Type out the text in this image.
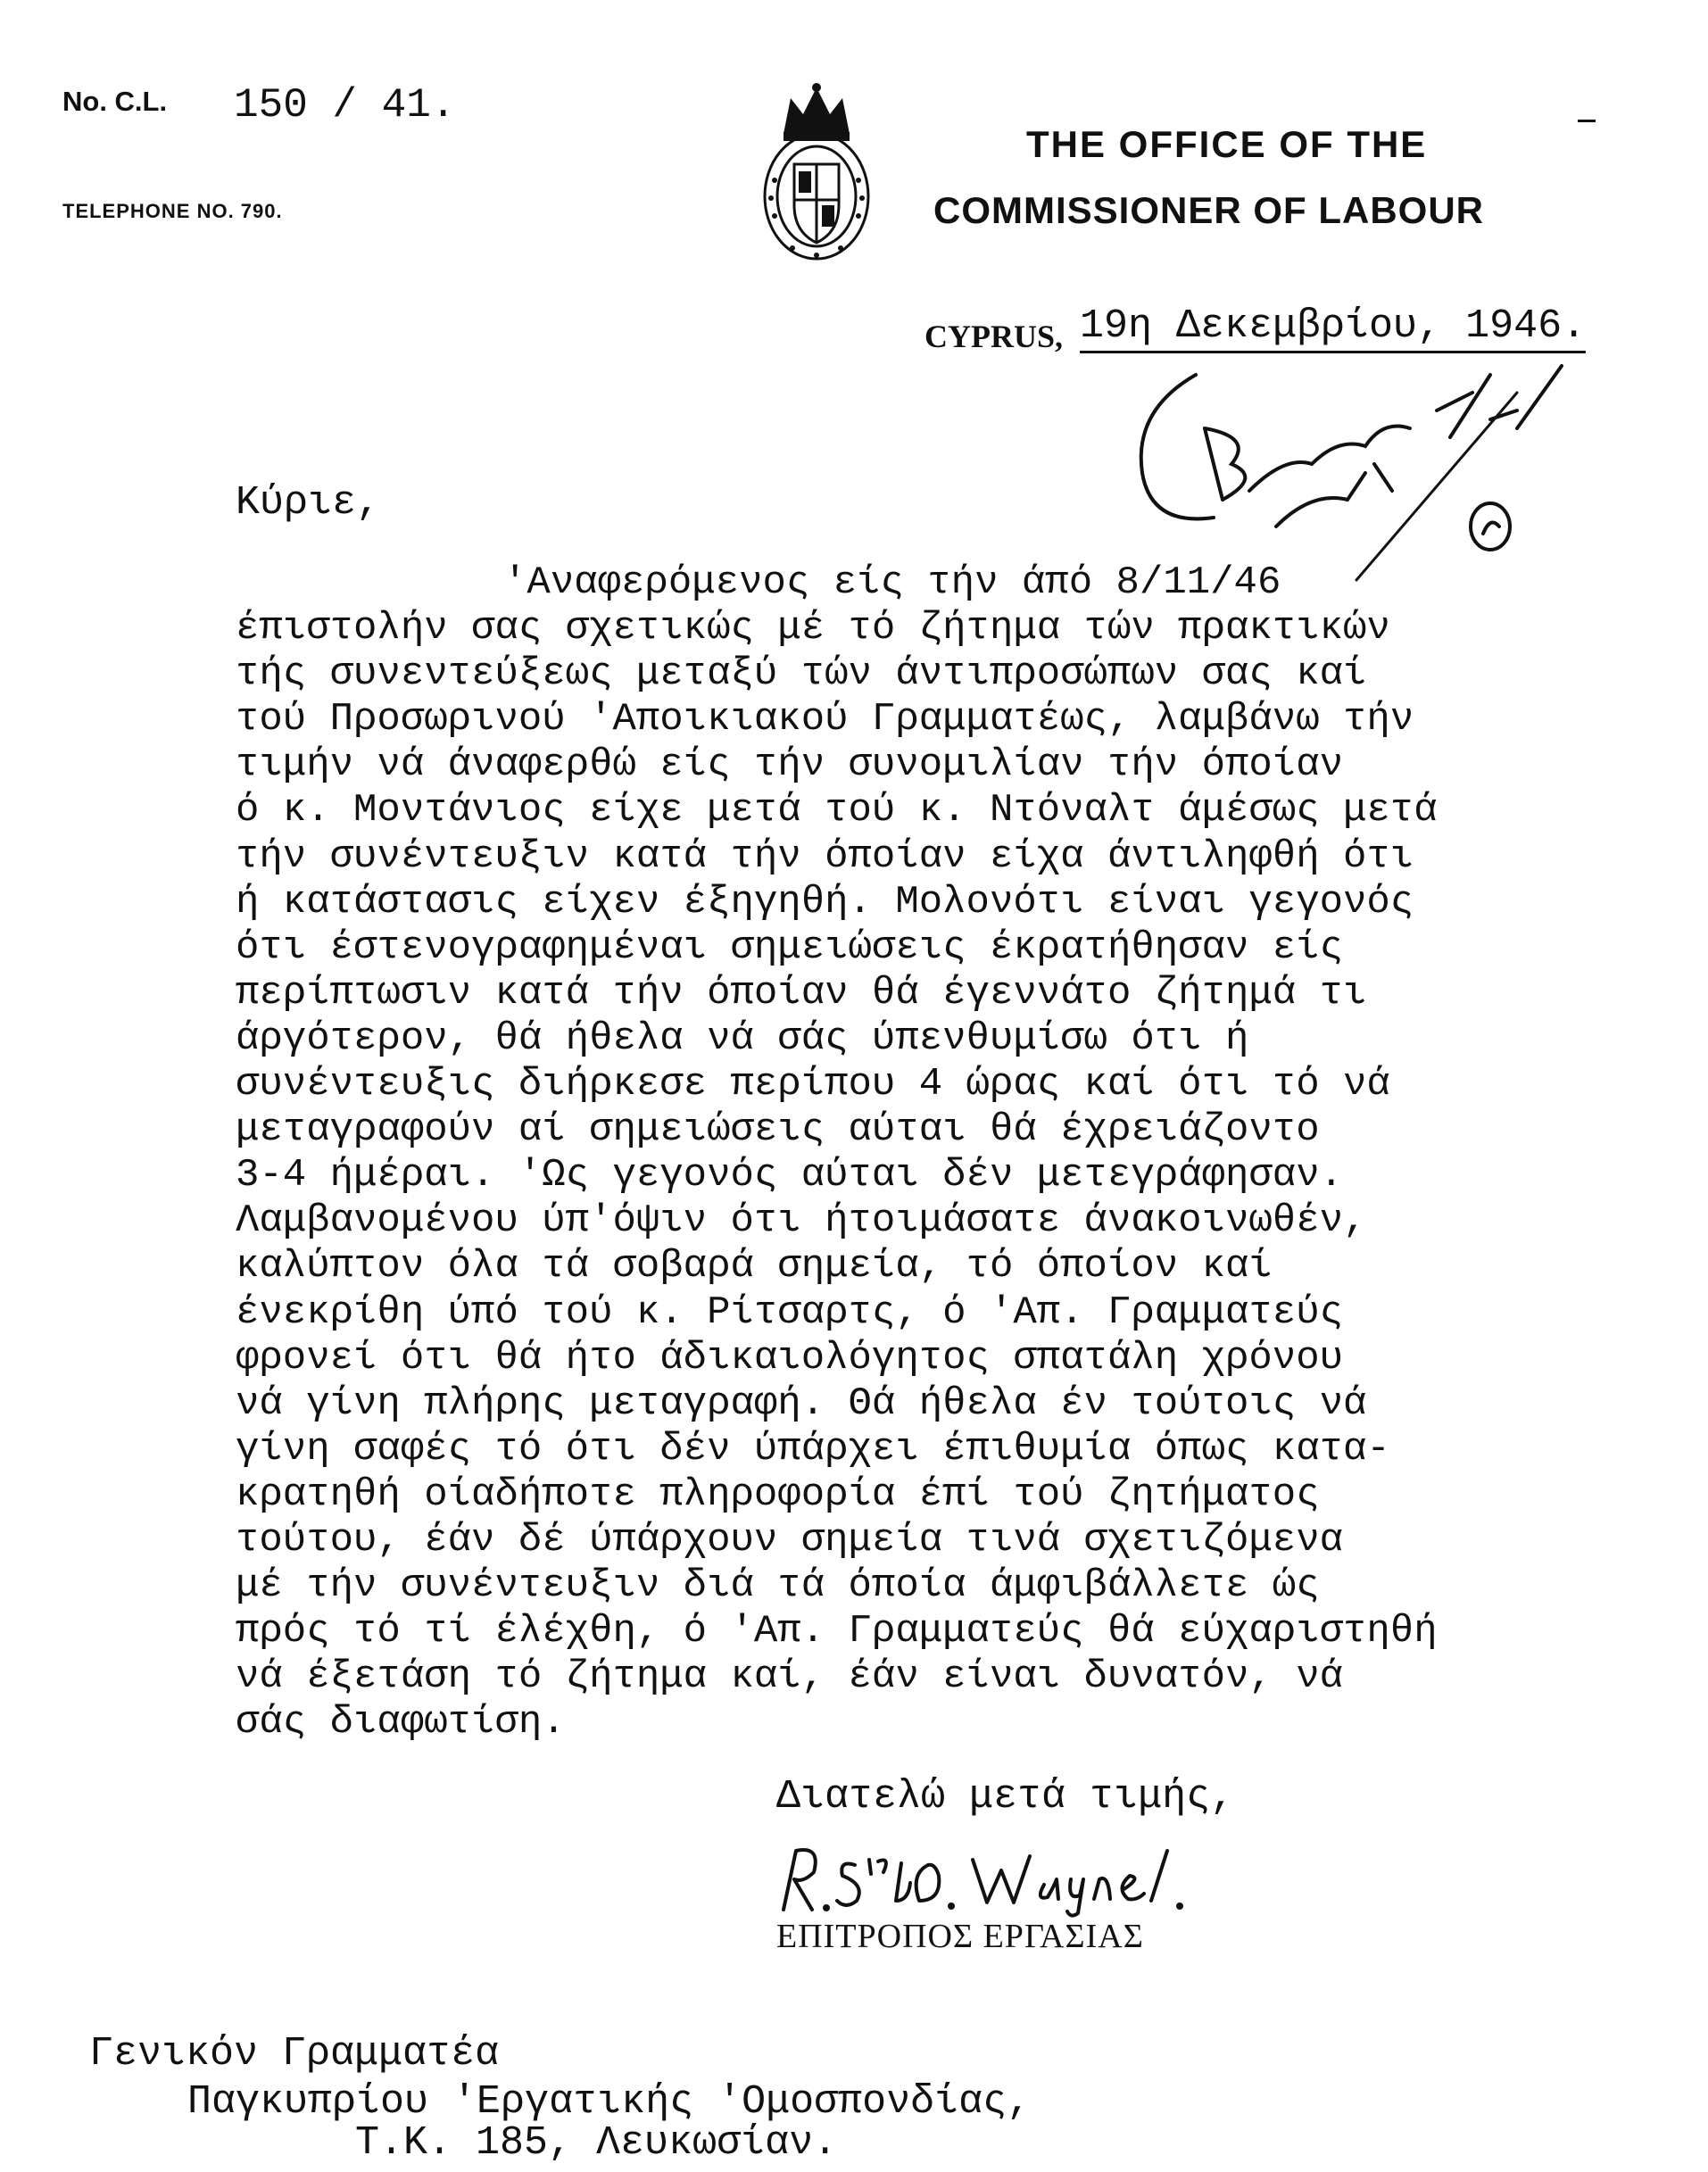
No. C.L. 150 / 41.
TELEPHONE NO. 790.
THE OFFICE OF THE
COMMISSIONER OF LABOUR
CYPRUS, 19η Δεκεμβρίου, 1946.
Κύριε,
'Αναφερόμενος είς τήν άπό 8/11/46
έπιστολήν σας σχετικώς μέ τό ζήτημα τών πρακτικών
τής συνεντεύξεως μεταξύ τών άντιπροσώπων σας καί
τού Προσωρινού 'Αποικιακού Γραμματέως, λαμβάνω τήν
τιμήν νά άναφερθώ είς τήν συνομιλίαν τήν όποίαν
ό κ. Μοντάνιος είχε μετά τού κ. Ντόναλτ άμέσως μετά
τήν συνέντευξιν κατά τήν όποίαν είχα άντιληφθή ότι
ή κατάστασις είχεν έξηγηθή. Μολονότι είναι γεγονός
ότι έστενογραφημέναι σημειώσεις έκρατήθησαν είς
περίπτωσιν κατά τήν όποίαν θά έγεννάτο ζήτημά τι
άργότερον, θά ήθελα νά σάς ύπενθυμίσω ότι ή
συνέντευξις διήρκεσε περίπου 4 ώρας καί ότι τό νά
μεταγραφούν αί σημειώσεις αύται θά έχρειάζοντο
3-4 ήμέραι. 'Ως γεγονός αύται δέν μετεγράφησαν.
Λαμβανομένου ύπ'όψιν ότι ήτοιμάσατε άνακοινωθέν,
καλύπτον όλα τά σοβαρά σημεία, τό όποίον καί
ένεκρίθη ύπό τού κ. Ρίτσαρτς, ό 'Απ. Γραμματεύς
φρονεί ότι θά ήτο άδικαιολόγητος σπατάλη χρόνου
νά γίνη πλήρης μεταγραφή. Θά ήθελα έν τούτοις νά
γίνη σαφές τό ότι δέν ύπάρχει έπιθυμία όπως κατα-
κρατηθή οίαδήποτε πληροφορία έπί τού ζητήματος
τούτου, έάν δέ ύπάρχουν σημεία τινά σχετιζόμενα
μέ τήν συνέντευξιν διά τά όποία άμφιβάλλετε ώς
πρός τό τί έλέχθη, ό 'Απ. Γραμματεύς θά εύχαριστηθή
νά έξετάση τό ζήτημα καί, έάν είναι δυνατόν, νά
σάς διαφωτίση.
Διατελώ μετά τιμής,
ΕΠΙΤΡΟΠΟΣ ΕΡΓΑΣΙΑΣ
Γενικόν Γραμματέα
Παγκυπρίου 'Εργατικής 'Ομοσπονδίας,
Τ.Κ. 185, Λευκωσίαν.
